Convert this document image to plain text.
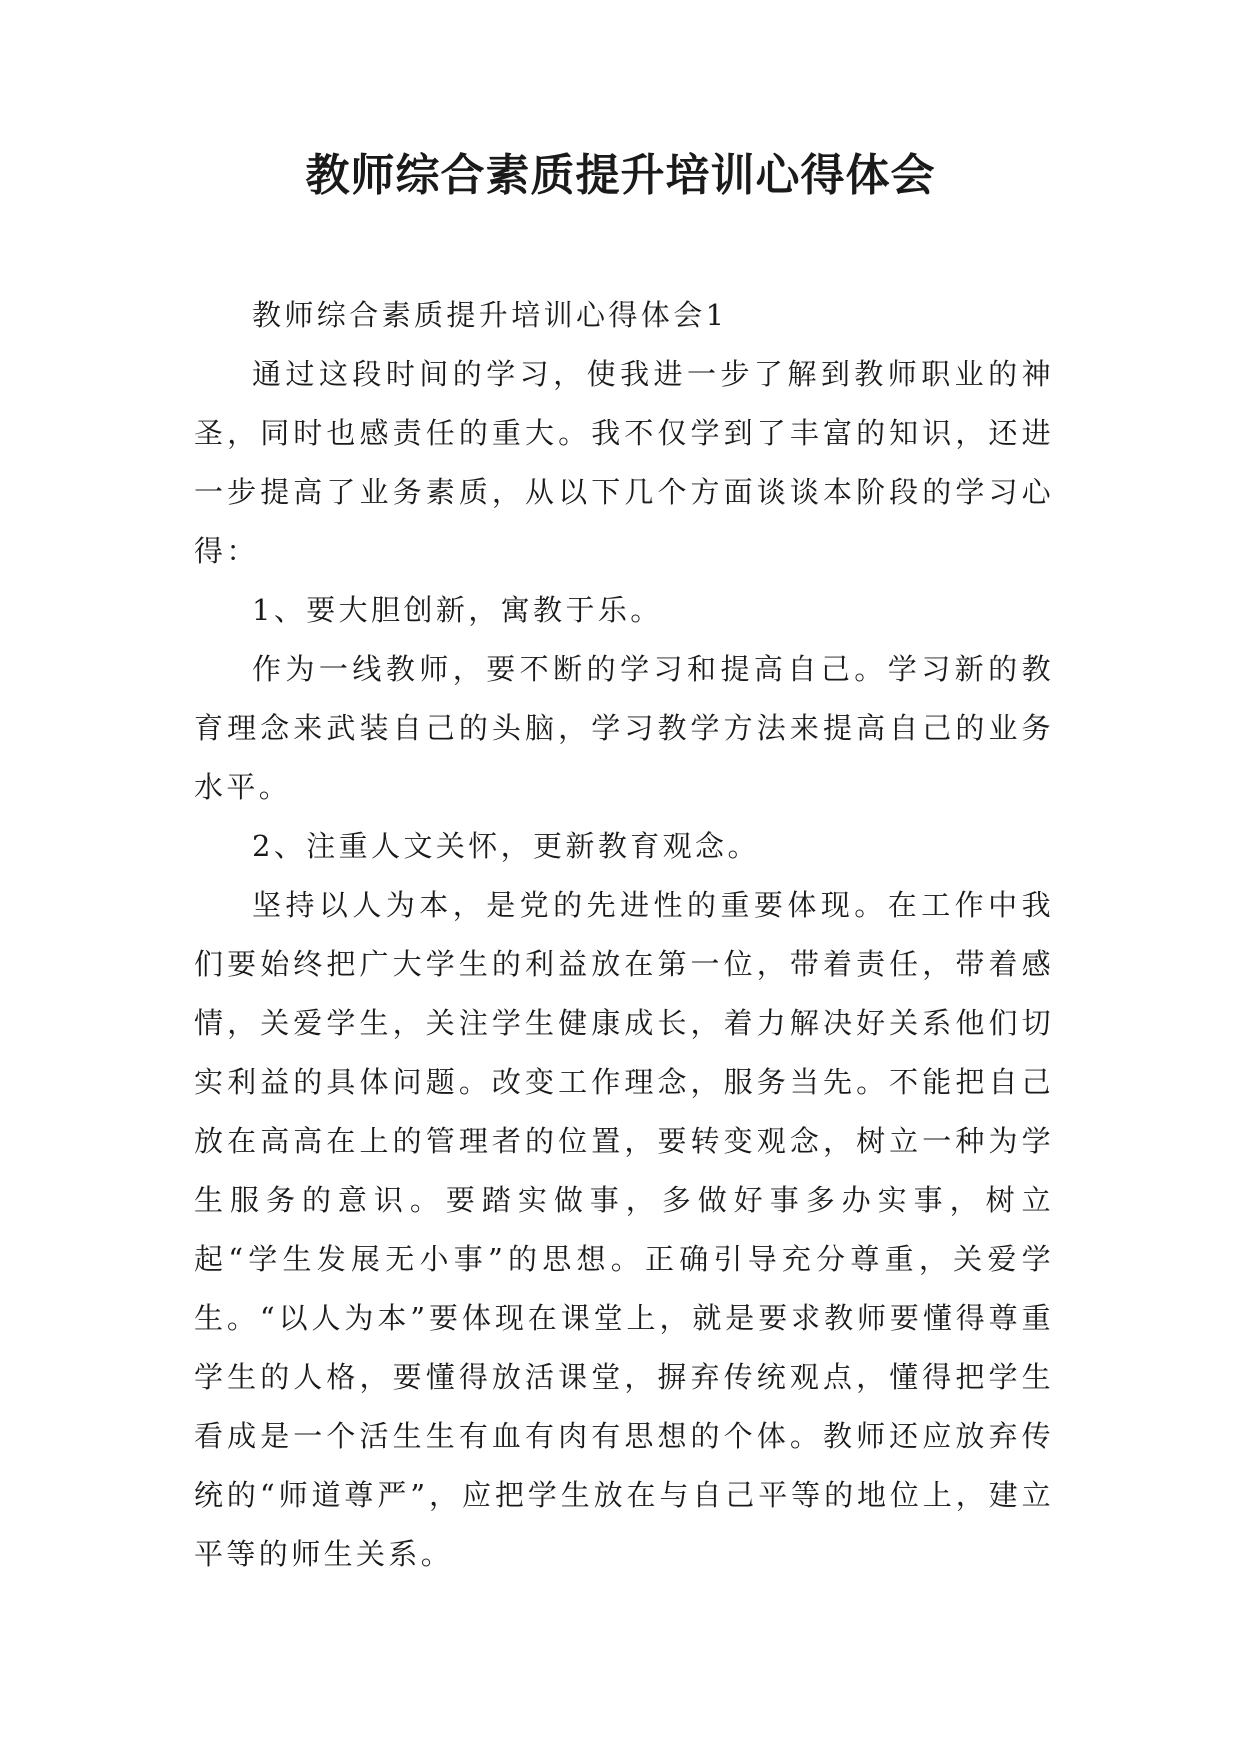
教师综合素质提升培训心得体会

教师综合素质提升培训心得体会1

通过这段时间的学习，使我进一步了解到教师职业的神圣，同时也感责任的重大。我不仅学到了丰富的知识，还进一步提高了业务素质，从以下几个方面谈谈本阶段的学习心得：

1、要大胆创新，寓教于乐。

作为一线教师，要不断的学习和提高自己。学习新的教育理念来武装自己的头脑，学习教学方法来提高自己的业务水平。

2、注重人文关怀，更新教育观念。

坚持以人为本，是党的先进性的重要体现。在工作中我们要始终把广大学生的利益放在第一位，带着责任，带着感情，关爱学生，关注学生健康成长，着力解决好关系他们切实利益的具体问题。改变工作理念，服务当先。不能把自己放在高高在上的管理者的位置，要转变观念，树立一种为学生服务的意识。要踏实做事，多做好事多办实事，树立起“学生发展无小事”的思想。正确引导充分尊重，关爱学生。“以人为本”要体现在课堂上，就是要求教师要懂得尊重学生的人格，要懂得放活课堂，摒弃传统观点，懂得把学生看成是一个活生生有血有肉有思想的个体。教师还应放弃传统的“师道尊严”，应把学生放在与自己平等的地位上，建立平等的师生关系。
